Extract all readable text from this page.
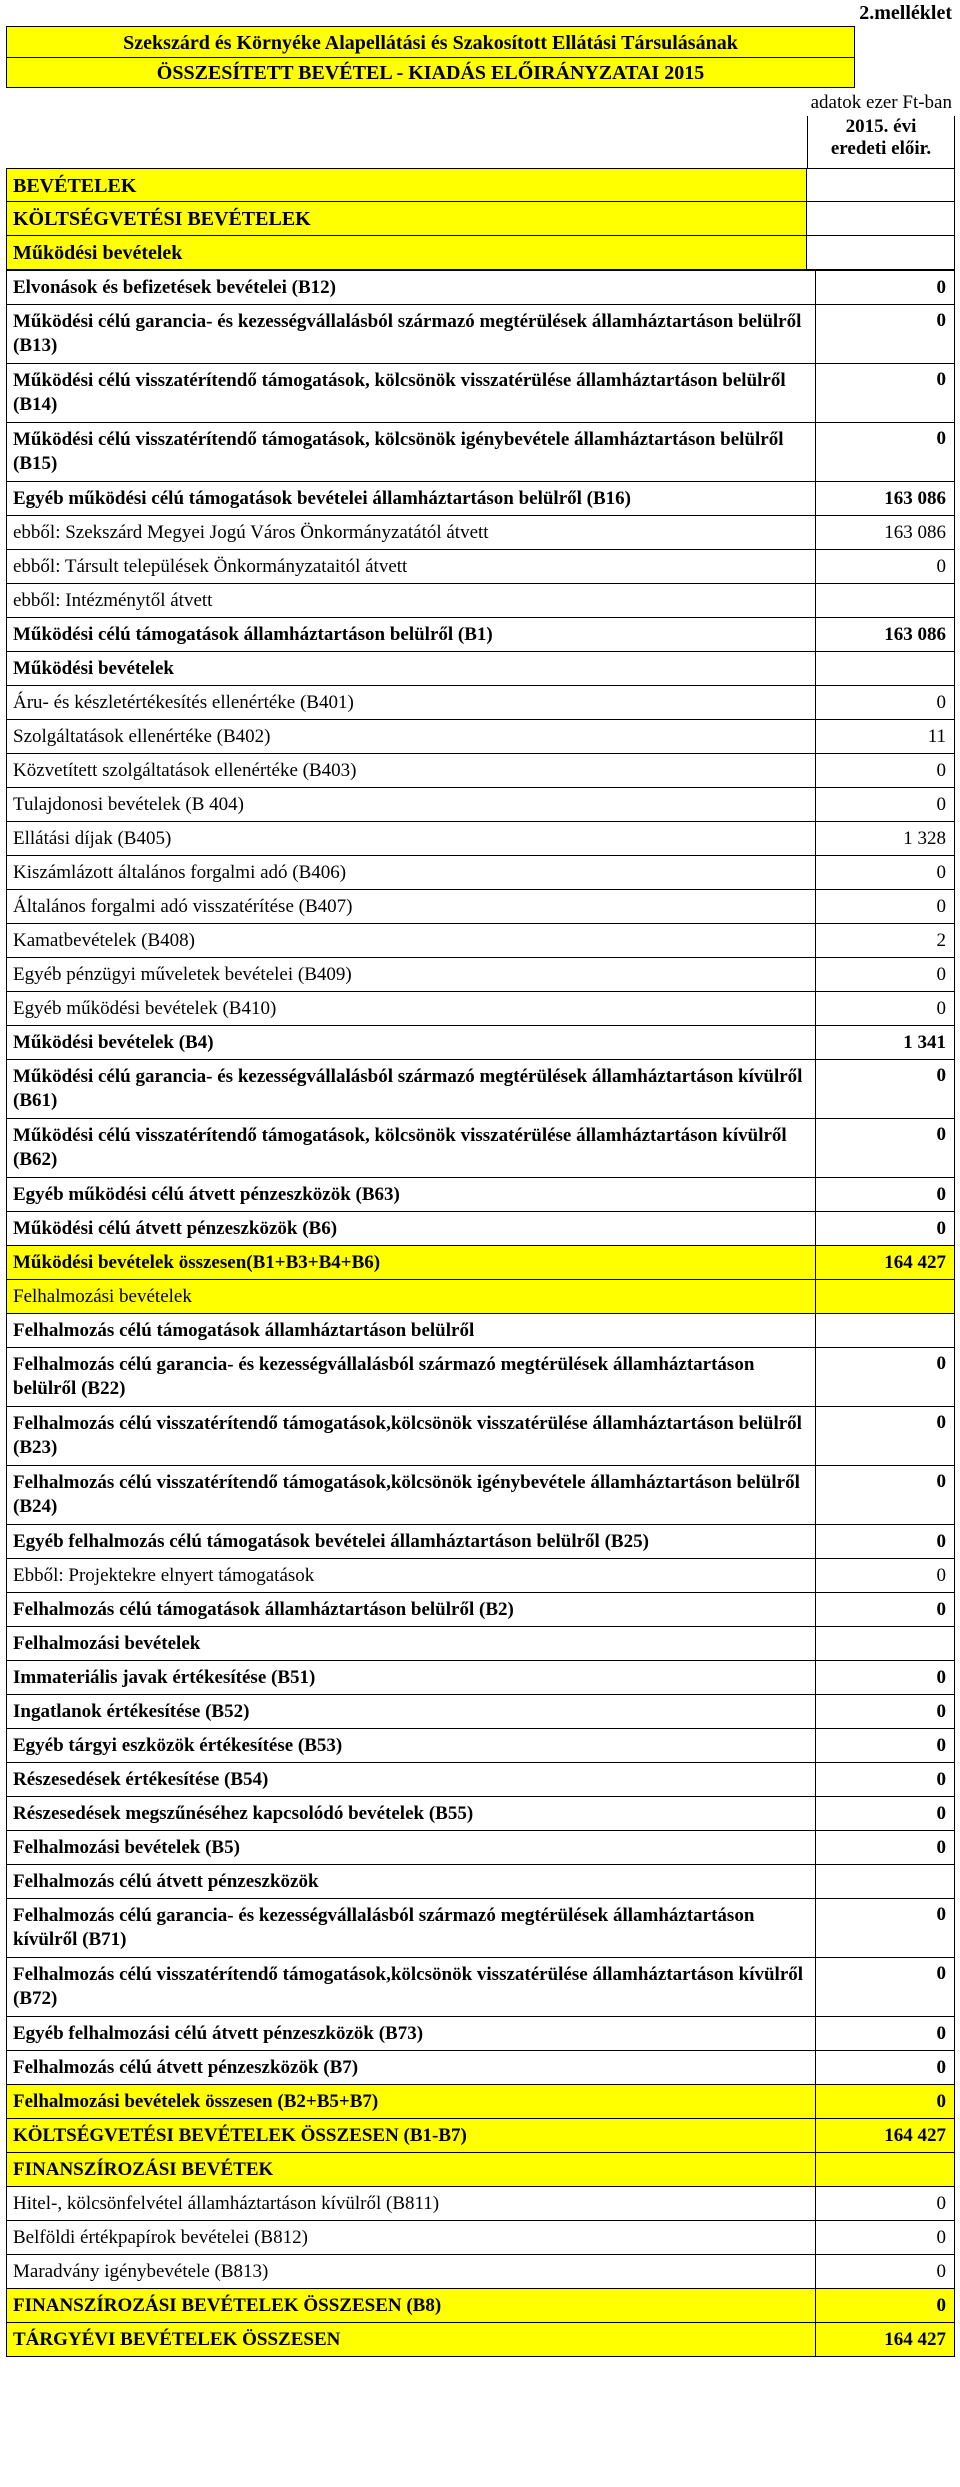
2.melléklet
Szekszárd és Környéke Alapellátási és Szakosított Ellátási Társulásának
ÖSSZESÍTETT BEVÉTEL - KIADÁS ELŐIRÁNYZATAI 2015
adatok ezer Ft-ban
2015. évi
eredeti előir.
BEVÉTELEK
KÖLTSÉGVETÉSI BEVÉTELEK
Működési bevételek
Elvonások és befizetések bevételei (B12)	0
Működési célú garancia- és kezességvállalásból származó megtérülések államháztartáson belülről (B13)	0
Működési célú visszatérítendő támogatások, kölcsönök visszatérülése államháztartáson belülről (B14)	0
Működési célú visszatérítendő támogatások, kölcsönök igénybevétele államháztartáson belülről (B15)	0
Egyéb működési célú támogatások bevételei államháztartáson belülről (B16)	163 086
ebből: Szekszárd Megyei Jogú Város Önkormányzatától átvett	163 086
ebből: Társult települések Önkormányzataitól átvett	0
ebből: Intézménytől átvett	
Működési célú támogatások államháztartáson belülről (B1)	163 086
Működési bevételek	
Áru- és készletértékesítés ellenértéke (B401)	0
Szolgáltatások ellenértéke (B402)	11
Közvetített szolgáltatások ellenértéke (B403)	0
Tulajdonosi bevételek (B 404)	0
Ellátási díjak (B405)	1 328
Kiszámlázott általános forgalmi adó (B406)	0
Általános forgalmi adó visszatérítése (B407)	0
Kamatbevételek (B408)	2
Egyéb pénzügyi műveletek bevételei (B409)	0
Egyéb működési bevételek (B410)	0
Működési bevételek (B4)	1 341
Működési célú garancia- és kezességvállalásból származó megtérülések államháztartáson kívülről (B61)	0
Működési célú visszatérítendő támogatások, kölcsönök visszatérülése államháztartáson kívülről (B62)	0
Egyéb működési célú átvett pénzeszközök (B63)	0
Működési célú átvett pénzeszközök (B6)	0
Működési bevételek összesen(B1+B3+B4+B6)	164 427
Felhalmozási bevételek	
Felhalmozás célú támogatások államháztartáson belülről	
Felhalmozás célú garancia- és kezességvállalásból származó megtérülések államháztartáson belülről (B22)	0
Felhalmozás célú visszatérítendő támogatások,kölcsönök visszatérülése államháztartáson belülről (B23)	0
Felhalmozás célú visszatérítendő támogatások,kölcsönök igénybevétele államháztartáson belülről (B24)	0
Egyéb felhalmozás célú támogatások bevételei államháztartáson belülről (B25)	0
Ebből: Projektekre elnyert támogatások	0
Felhalmozás célú támogatások államháztartáson belülről (B2)	0
Felhalmozási bevételek	
Immateriális javak értékesítése (B51)	0
Ingatlanok értékesítése (B52)	0
Egyéb tárgyi eszközök értékesítése (B53)	0
Részesedések értékesítése (B54)	0
Részesedések megszűnéséhez kapcsolódó bevételek (B55)	0
Felhalmozási bevételek (B5)	0
Felhalmozás célú átvett pénzeszközök	
Felhalmozás célú garancia- és kezességvállalásból származó megtérülések államháztartáson kívülről (B71)	0
Felhalmozás célú visszatérítendő támogatások,kölcsönök visszatérülése államháztartáson kívülről (B72)	0
Egyéb felhalmozási célú átvett pénzeszközök (B73)	0
Felhalmozás célú átvett pénzeszközök (B7)	0
Felhalmozási bevételek összesen (B2+B5+B7)	0
KÖLTSÉGVETÉSI BEVÉTELEK ÖSSZESEN (B1-B7)	164 427
FINANSZÍROZÁSI BEVÉTEK	
Hitel-, kölcsönfelvétel államháztartáson kívülről (B811)	0
Belföldi értékpapírok bevételei (B812)	0
Maradvány igénybevétele (B813)	0
FINANSZÍROZÁSI BEVÉTELEK ÖSSZESEN (B8)	0
TÁRGYÉVI BEVÉTELEK ÖSSZESEN	164 427
